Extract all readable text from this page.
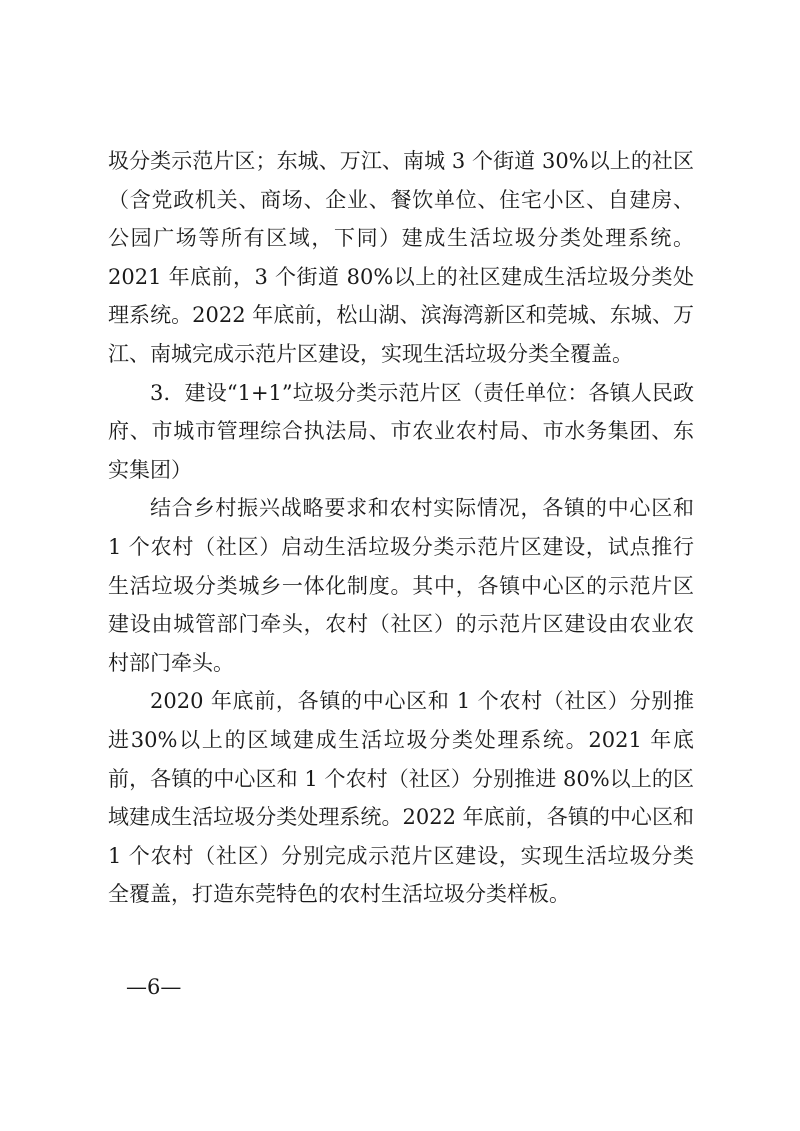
圾分类示范片区；东城、万江、南城 3 个街道 30%以上的社区（含党政机关、商场、企业、餐饮单位、住宅小区、自建房、公园广场等所有区域，下同）建成生活垃圾分类处理系统。2021 年底前，3 个街道 80%以上的社区建成生活垃圾分类处理系统。2022 年底前，松山湖、滨海湾新区和莞城、东城、万江、南城完成示范片区建设，实现生活垃圾分类全覆盖。

3．建设“1+1”垃圾分类示范片区（责任单位：各镇人民政府、市城市管理综合执法局、市农业农村局、市水务集团、东实集团）

结合乡村振兴战略要求和农村实际情况，各镇的中心区和 1 个农村（社区）启动生活垃圾分类示范片区建设，试点推行生活垃圾分类城乡一体化制度。其中，各镇中心区的示范片区建设由城管部门牵头，农村（社区）的示范片区建设由农业农村部门牵头。

2020 年底前，各镇的中心区和 1 个农村（社区）分别推进30%以上的区域建成生活垃圾分类处理系统。2021 年底前，各镇的中心区和 1 个农村（社区）分别推进 80%以上的区域建成生活垃圾分类处理系统。2022 年底前，各镇的中心区和 1 个农村（社区）分别完成示范片区建设，实现生活垃圾分类全覆盖，打造东莞特色的农村生活垃圾分类样板。

—6—
